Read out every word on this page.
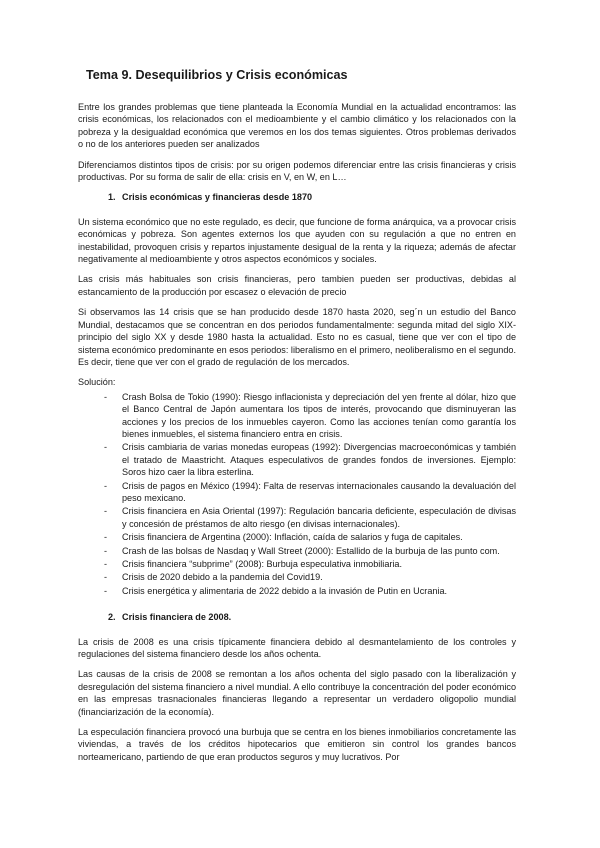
Tema 9. Desequilibrios y Crisis económicas

Entre los grandes problemas que tiene planteada la Economía Mundial en la actualidad encontramos: las crisis económicas, los relacionados con el medioambiente y el cambio climático y los relacionados con la pobreza y la desigualdad económica que veremos en los dos temas siguientes. Otros problemas derivados o no de los anteriores pueden ser analizados

Diferenciamos distintos tipos de crisis: por su origen podemos diferenciar entre las crisis financieras y crisis productivas. Por su forma de salir de ella: crisis en V, en W, en L…

1. Crisis económicas y financieras desde 1870

Un sistema económico que no este regulado, es decir, que funcione de forma anárquica, va a provocar crisis económicas y pobreza. Son agentes externos los que ayuden con su regulación a que no entren en inestabilidad, provoquen crisis y repartos injustamente desigual de la renta y la riqueza; además de afectar negativamente al medioambiente y otros aspectos económicos y sociales.

Las crisis más habituales son crisis financieras, pero tambien pueden ser productivas, debidas al estancamiento de la producción por escasez o elevación de precio

Si observamos las 14 crisis que se han producido desde 1870 hasta 2020, seg´n un estudio del Banco Mundial, destacamos que se concentran en dos periodos fundamentalmente: segunda mitad del siglo XIX-principio del siglo XX y desde 1980 hasta la actualidad. Esto no es casual, tiene que ver con el tipo de sistema económico predominante en esos periodos: liberalismo en el primero, neoliberalismo en el segundo. Es decir, tiene que ver con el grado de regulación de los mercados.

Solución:
-	Crash Bolsa de Tokio (1990): Riesgo inflacionista y depreciación del yen frente al dólar, hizo que el Banco Central de Japón aumentara los tipos de interés, provocando que disminuyeran las acciones y los precios de los inmuebles cayeron. Como las acciones tenían como garantía los bienes inmuebles, el sistema financiero entra en crisis.
-	Crisis cambiaria de varias monedas europeas (1992): Divergencias macroeconómicas y también el tratado de Maastricht. Ataques especulativos de grandes fondos de inversiones. Ejemplo: Soros hizo caer la libra esterlina.
-	Crisis de pagos en México (1994): Falta de reservas internacionales causando la devaluación del peso mexicano.
-	Crisis financiera en Asia Oriental (1997): Regulación bancaria deficiente, especulación de divisas y concesión de préstamos de alto riesgo (en divisas internacionales).
-	Crisis financiera de Argentina (2000): Inflación, caída de salarios y fuga de capitales.
-	Crash de las bolsas de Nasdaq y Wall Street (2000): Estallido de la burbuja de las punto com.
-	Crisis financiera “subprime” (2008): Burbuja especulativa inmobiliaria.
-	Crisis de 2020 debido a la pandemia del Covid19.
-	Crisis energética y alimentaria de 2022 debido a la invasión de Putin en Ucrania.
2. Crisis financiera de 2008.

La crisis de 2008 es una crisis típicamente financiera debido al desmantelamiento de los controles y regulaciones del sistema financiero desde los años ochenta.

Las causas de la crisis de 2008 se remontan a los años ochenta del siglo pasado con la liberalización y desregulación del sistema financiero a nivel mundial. A ello contribuye la concentración del poder económico en las empresas trasnacionales financieras llegando a representar un verdadero oligopolio mundial (financiarización de la economía).

La especulación financiera provocó una burbuja que se centra en los bienes inmobiliarios concretamente las viviendas, a través de los créditos hipotecarios que emitieron sin control los grandes bancos norteamericano, partiendo de que eran productos seguros y muy lucrativos. Por
